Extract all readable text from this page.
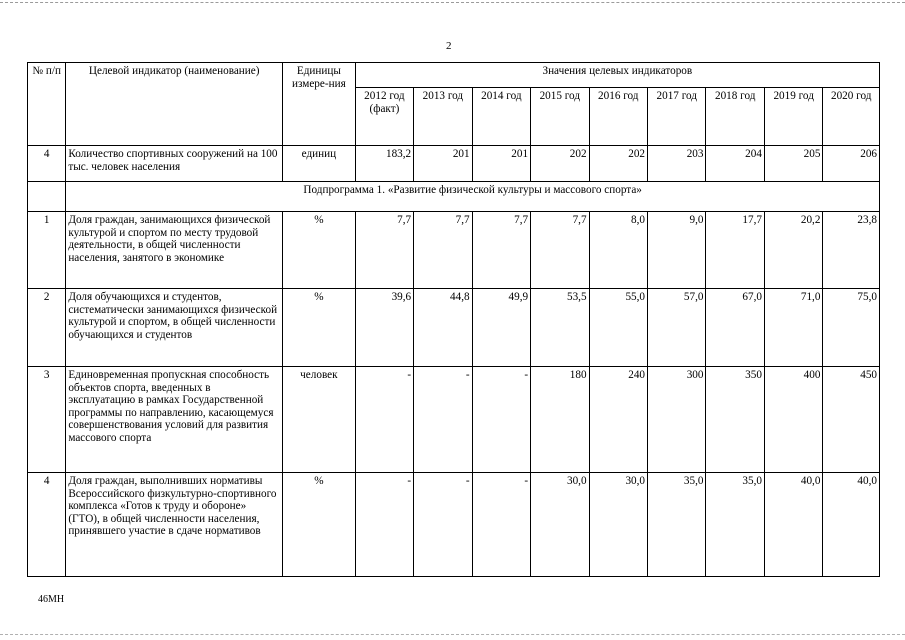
2
№ п/п	Целевой индикатор (наименование)	Единицы измере-ния	Значения целевых индикаторов								
			2012 год (факт)	2013 год	2014 год	2015 год	2016 год	2017 год	2018 год	2019 год	2020 год
4	Количество спортивных сооружений на 100 тыс. человек населения	единиц	183,2	201	201	202	202	203	204	205	206
	Подпрограмма 1. «Развитие физической культуры и массового спорта»										
1	Доля граждан, занимающихся физической культурой и спортом по месту трудовой деятельности, в общей численности населения, занятого в экономике	%	7,7	7,7	7,7	7,7	8,0	9,0	17,7	20,2	23,8
2	Доля обучающихся и студентов, систематически занимающихся физической культурой и спортом, в общей численности обучающихся и студентов	%	39,6	44,8	49,9	53,5	55,0	57,0	67,0	71,0	75,0
3	Единовременная пропускная способность объектов спорта, введенных в эксплуатацию в рамках Государственной программы по направлению, касающемуся совершенствования условий для развития массового спорта	человек	-	-	-	180	240	300	350	400	450
4	Доля граждан, выполнивших нормативы Всероссийского физкультурно-спортивного комплекса «Готов к труду и обороне» (ГТО), в общей численности населения, принявшего участие в сдаче нормативов	%	-	-	-	30,0	30,0	35,0	35,0	40,0	40,0
46МН
